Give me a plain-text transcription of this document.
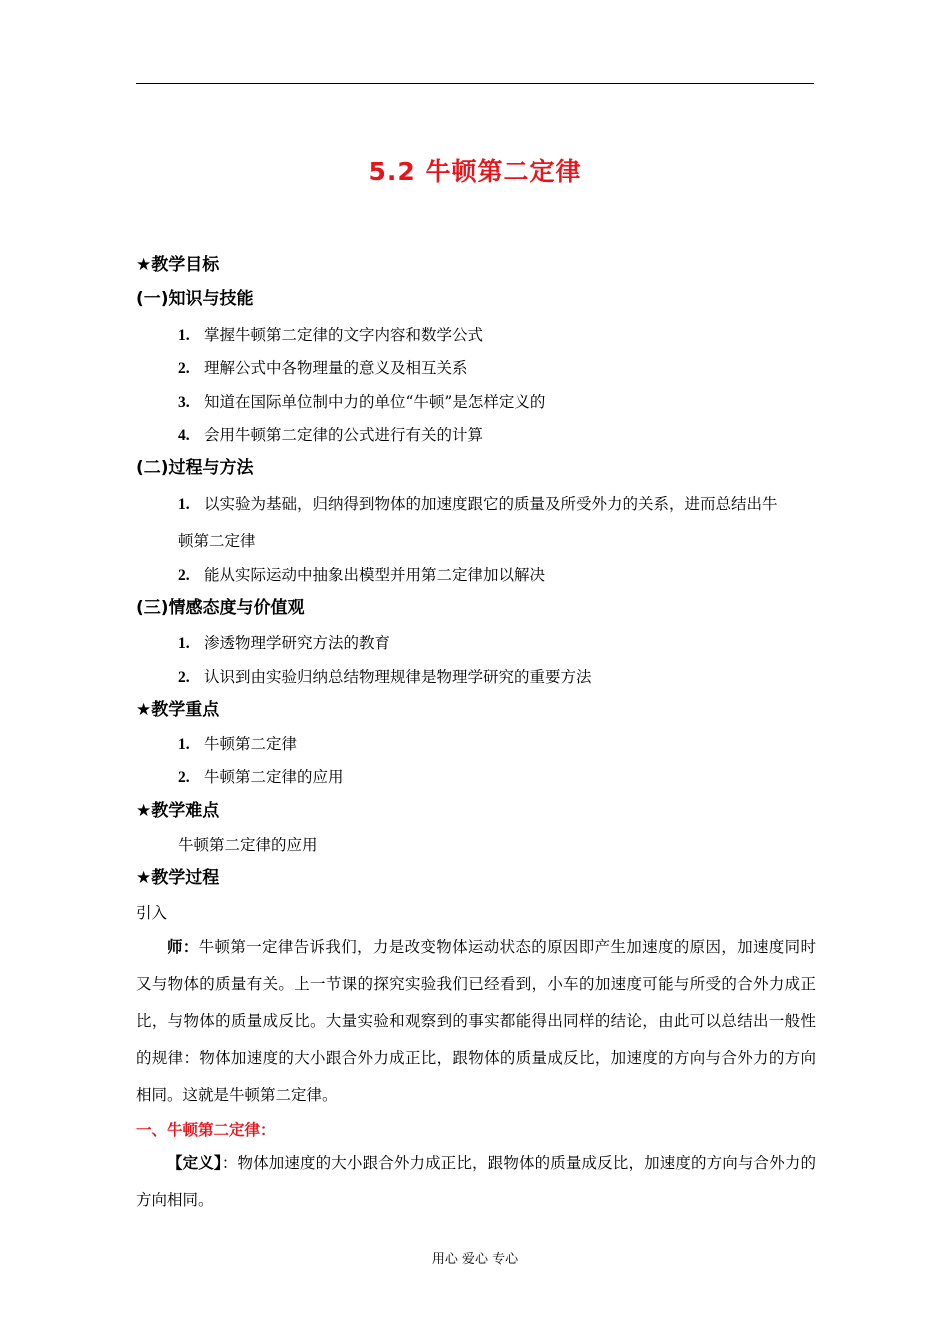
5.2 牛顿第二定律
★教学目标
(一)知识与技能
1. 掌握牛顿第二定律的文字内容和数学公式
2. 理解公式中各物理量的意义及相互关系
3. 知道在国际单位制中力的单位“牛顿”是怎样定义的
4. 会用牛顿第二定律的公式进行有关的计算
(二)过程与方法
1. 以实验为基础，归纳得到物体的加速度跟它的质量及所受外力的关系，进而总结出牛
顿第二定律
2. 能从实际运动中抽象出模型并用第二定律加以解决
(三)情感态度与价值观
1. 渗透物理学研究方法的教育
2. 认识到由实验归纳总结物理规律是物理学研究的重要方法
★教学重点
1. 牛顿第二定律
2. 牛顿第二定律的应用
★教学难点
牛顿第二定律的应用
★教学过程
引入
师：牛顿第一定律告诉我们，力是改变物体运动状态的原因即产生加速度的原因，加速度同时又与物体的质量有关。上一节课的探究实验我们已经看到，小车的加速度可能与所受的合外力成正比，与物体的质量成反比。大量实验和观察到的事实都能得出同样的结论，由此可以总结出一般性的规律：物体加速度的大小跟合外力成正比，跟物体的质量成反比，加速度的方向与合外力的方向相同。这就是牛顿第二定律。
一、牛顿第二定律：
【定义】：物体加速度的大小跟合外力成正比，跟物体的质量成反比，加速度的方向与合外力的方向相同。
用心 爱心 专心
